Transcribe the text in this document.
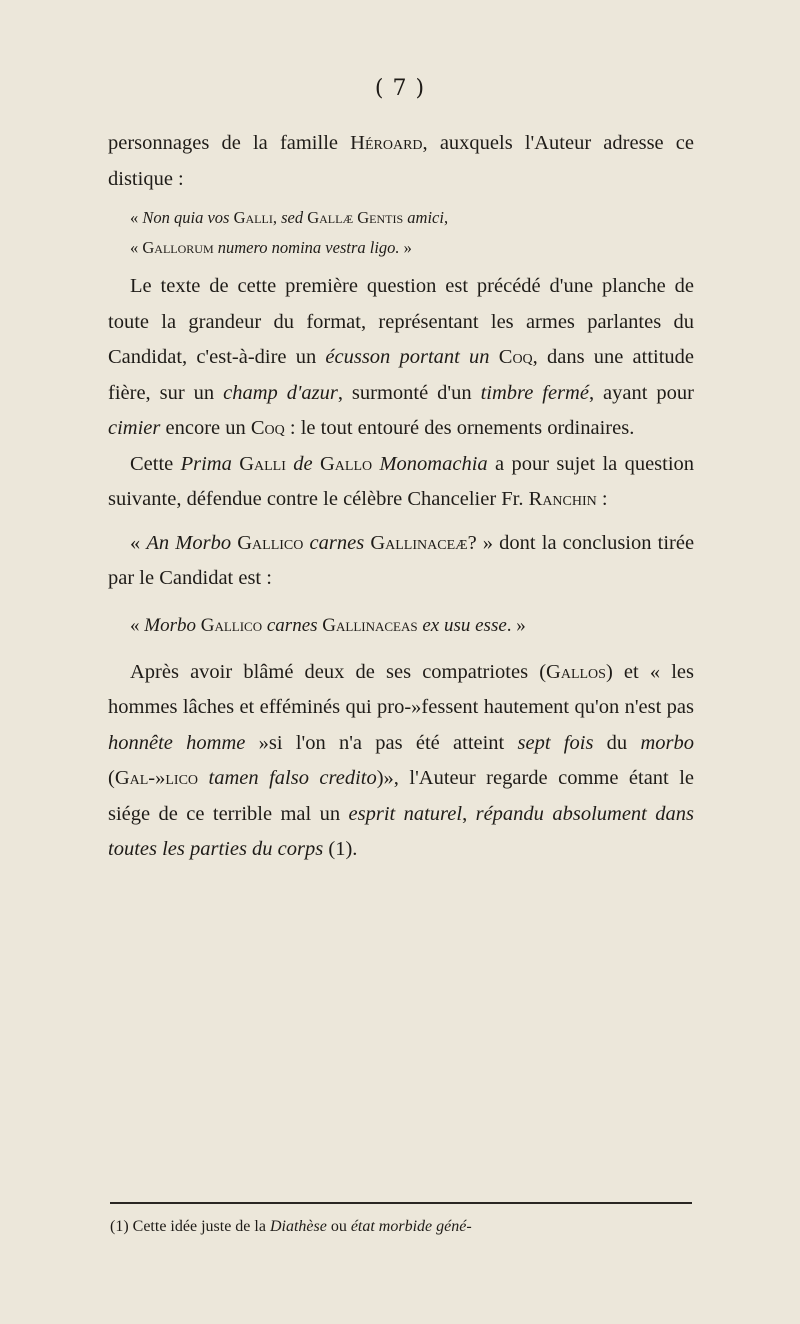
( 7 )

personnages de la famille Héroard, auxquels l'Auteur adresse ce distique :

« Non quia vos Galli, sed Gallæ Gentis amici,
« Gallorum numero nomina vestra ligo. »

Le texte de cette première question est précédé d'une planche de toute la grandeur du format, représentant les armes parlantes du Candidat, c'est-à-dire un écusson portant un Coq, dans une attitude fière, sur un champ d'azur, surmonté d'un timbre fermé, ayant pour cimier encore un Coq : le tout entouré des ornements ordinaires.

Cette Prima Galli de Gallo Monomachia a pour sujet la question suivante, défendue contre le célèbre Chancelier Fr. Ranchin :

« An Morbo Gallico carnes Gallinaceæ? » dont la conclusion tirée par le Candidat est :

« Morbo Gallico carnes Gallinaceas ex usu esse. »

Après avoir blâmé deux de ses compatriotes (Gallos) et « les hommes lâches et efféminés qui pro-»fessent hautement qu'on n'est pas honnête homme »si l'on n'a pas été atteint sept fois du morbo (Gal-»lico tamen falso credito)», l'Auteur regarde comme étant le siége de ce terrible mal un esprit naturel, répandu absolument dans toutes les parties du corps (1).

(1) Cette idée juste de la Diathèse ou état morbide géné-
